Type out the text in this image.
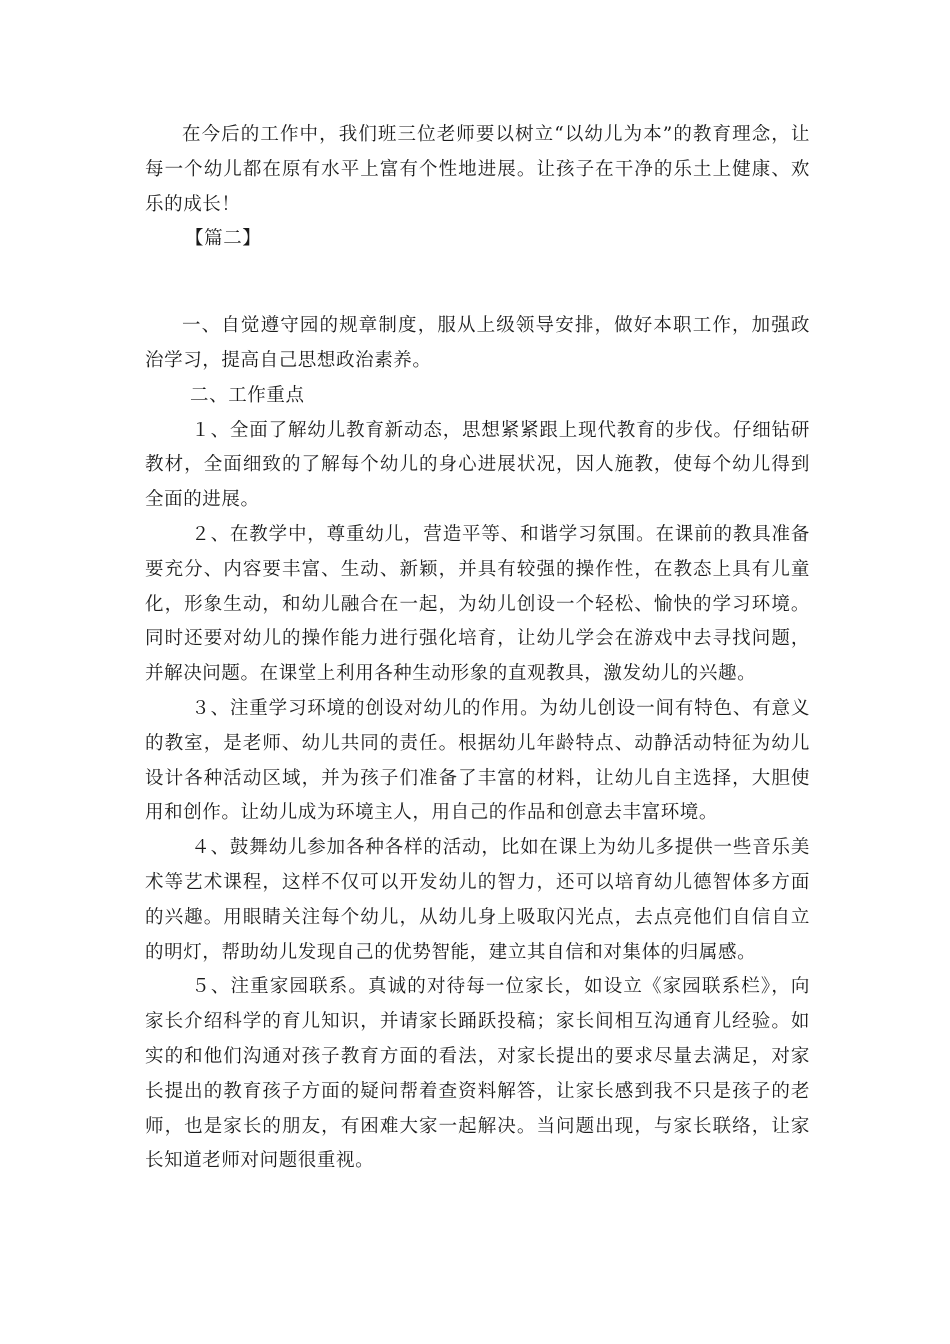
在今后的工作中，我们班三位老师要以树立“以幼儿为本”的教育理念，让每一个幼儿都在原有水平上富有个性地进展。让孩子在干净的乐土上健康、欢乐的成长！

【篇二】

一、自觉遵守园的规章制度，服从上级领导安排，做好本职工作，加强政治学习，提高自己思想政治素养。

二、工作重点

１、全面了解幼儿教育新动态，思想紧紧跟上现代教育的步伐。仔细钻研教材，全面细致的了解每个幼儿的身心进展状况，因人施教，使每个幼儿得到全面的进展。

２、在教学中，尊重幼儿，营造平等、和谐学习氛围。在课前的教具准备要充分、内容要丰富、生动、新颖，并具有较强的操作性，在教态上具有儿童化，形象生动，和幼儿融合在一起，为幼儿创设一个轻松、愉快的学习环境。同时还要对幼儿的操作能力进行强化培育，让幼儿学会在游戏中去寻找问题，并解决问题。在课堂上利用各种生动形象的直观教具，激发幼儿的兴趣。

３、注重学习环境的创设对幼儿的作用。为幼儿创设一间有特色、有意义的教室，是老师、幼儿共同的责任。根据幼儿年龄特点、动静活动特征为幼儿设计各种活动区域，并为孩子们准备了丰富的材料，让幼儿自主选择，大胆使用和创作。让幼儿成为环境主人，用自己的作品和创意去丰富环境。

４、鼓舞幼儿参加各种各样的活动，比如在课上为幼儿多提供一些音乐美术等艺术课程，这样不仅可以开发幼儿的智力，还可以培育幼儿德智体多方面的兴趣。用眼睛关注每个幼儿，从幼儿身上吸取闪光点，去点亮他们自信自立的明灯，帮助幼儿发现自己的优势智能，建立其自信和对集体的归属感。

５、注重家园联系。真诚的对待每一位家长，如设立《家园联系栏》，向家长介绍科学的育儿知识，并请家长踊跃投稿；家长间相互沟通育儿经验。如实的和他们沟通对孩子教育方面的看法，对家长提出的要求尽量去满足，对家长提出的教育孩子方面的疑问帮着查资料解答，让家长感到我不只是孩子的老师，也是家长的朋友，有困难大家一起解决。当问题出现，与家长联络，让家长知道老师对问题很重视。
